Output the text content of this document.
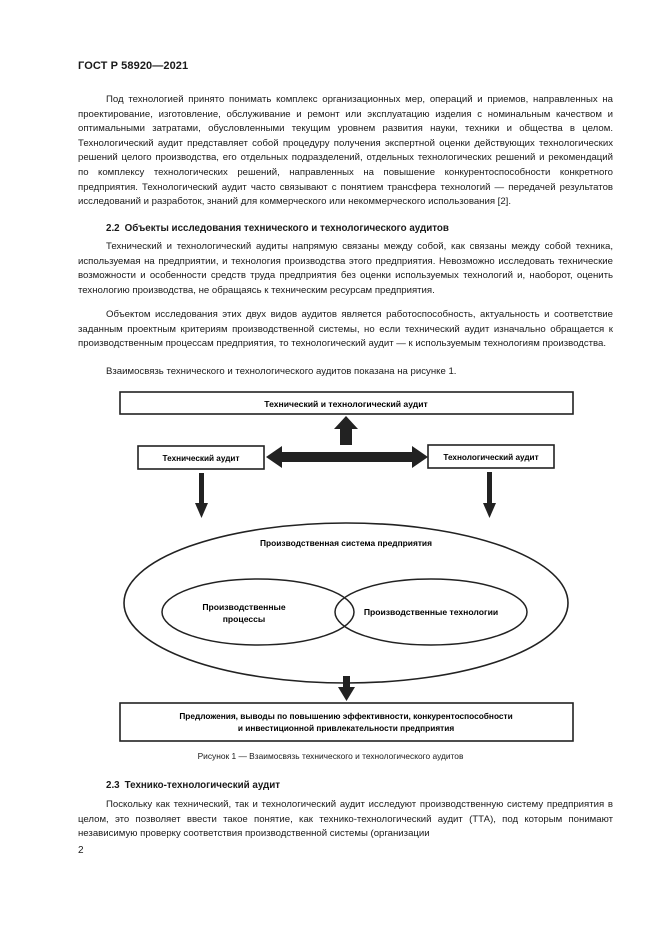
ГОСТ Р 58920—2021

Под технологией принято понимать комплекс организационных мер, операций и приемов, направленных на проектирование, изготовление, обслуживание и ремонт или эксплуатацию изделия с номинальным качеством и оптимальными затратами, обусловленными текущим уровнем развития науки, техники и общества в целом. Технологический аудит представляет собой процедуру получения экспертной оценки действующих технологических решений целого производства, его отдельных подразделений, отдельных технологических решений и рекомендаций по комплексу технологических решений, направленных на повышение конкурентоспособности конкретного предприятия. Технологический аудит часто связывают с понятием трансфера технологий — передачей результатов исследований и разработок, знаний для коммерческого или некоммерческого использования [2].

2.2 Объекты исследования технического и технологического аудитов

Технический и технологический аудиты напрямую связаны между собой, как связаны между собой техника, используемая на предприятии, и технология производства этого предприятия. Невозможно исследовать технические возможности и особенности средств труда предприятия без оценки используемых технологий и, наоборот, оценить технологию производства, не обращаясь к техническим ресурсам предприятия.

Объектом исследования этих двух видов аудитов является работоспособность, актуальность и соответствие заданным проектным критериям производственной системы, но если технический аудит изначально обращается к производственным процессам предприятия, то технологический аудит — к используемым технологиям производства.

Взаимосвязь технического и технологического аудитов показана на рисунке 1.

Технический и технологический аудит
Технический аудит	Технологический аудит
Производственная система предприятия
Производственные
процессы
Производственные технологии
Предложения, выводы по повышению эффективности, конкурентоспособности
и инвестиционной привлекательности предприятия
Рисунок 1 — Взаимосвязь технического и технологического аудитов

2.3 Технико-технологический аудит

Поскольку как технический, так и технологический аудит исследуют производственную систему предприятия в целом, это позволяет ввести такое понятие, как технико-технологический аудит (ТТА), под которым понимают независимую проверку соответствия производственной системы (организации

2
